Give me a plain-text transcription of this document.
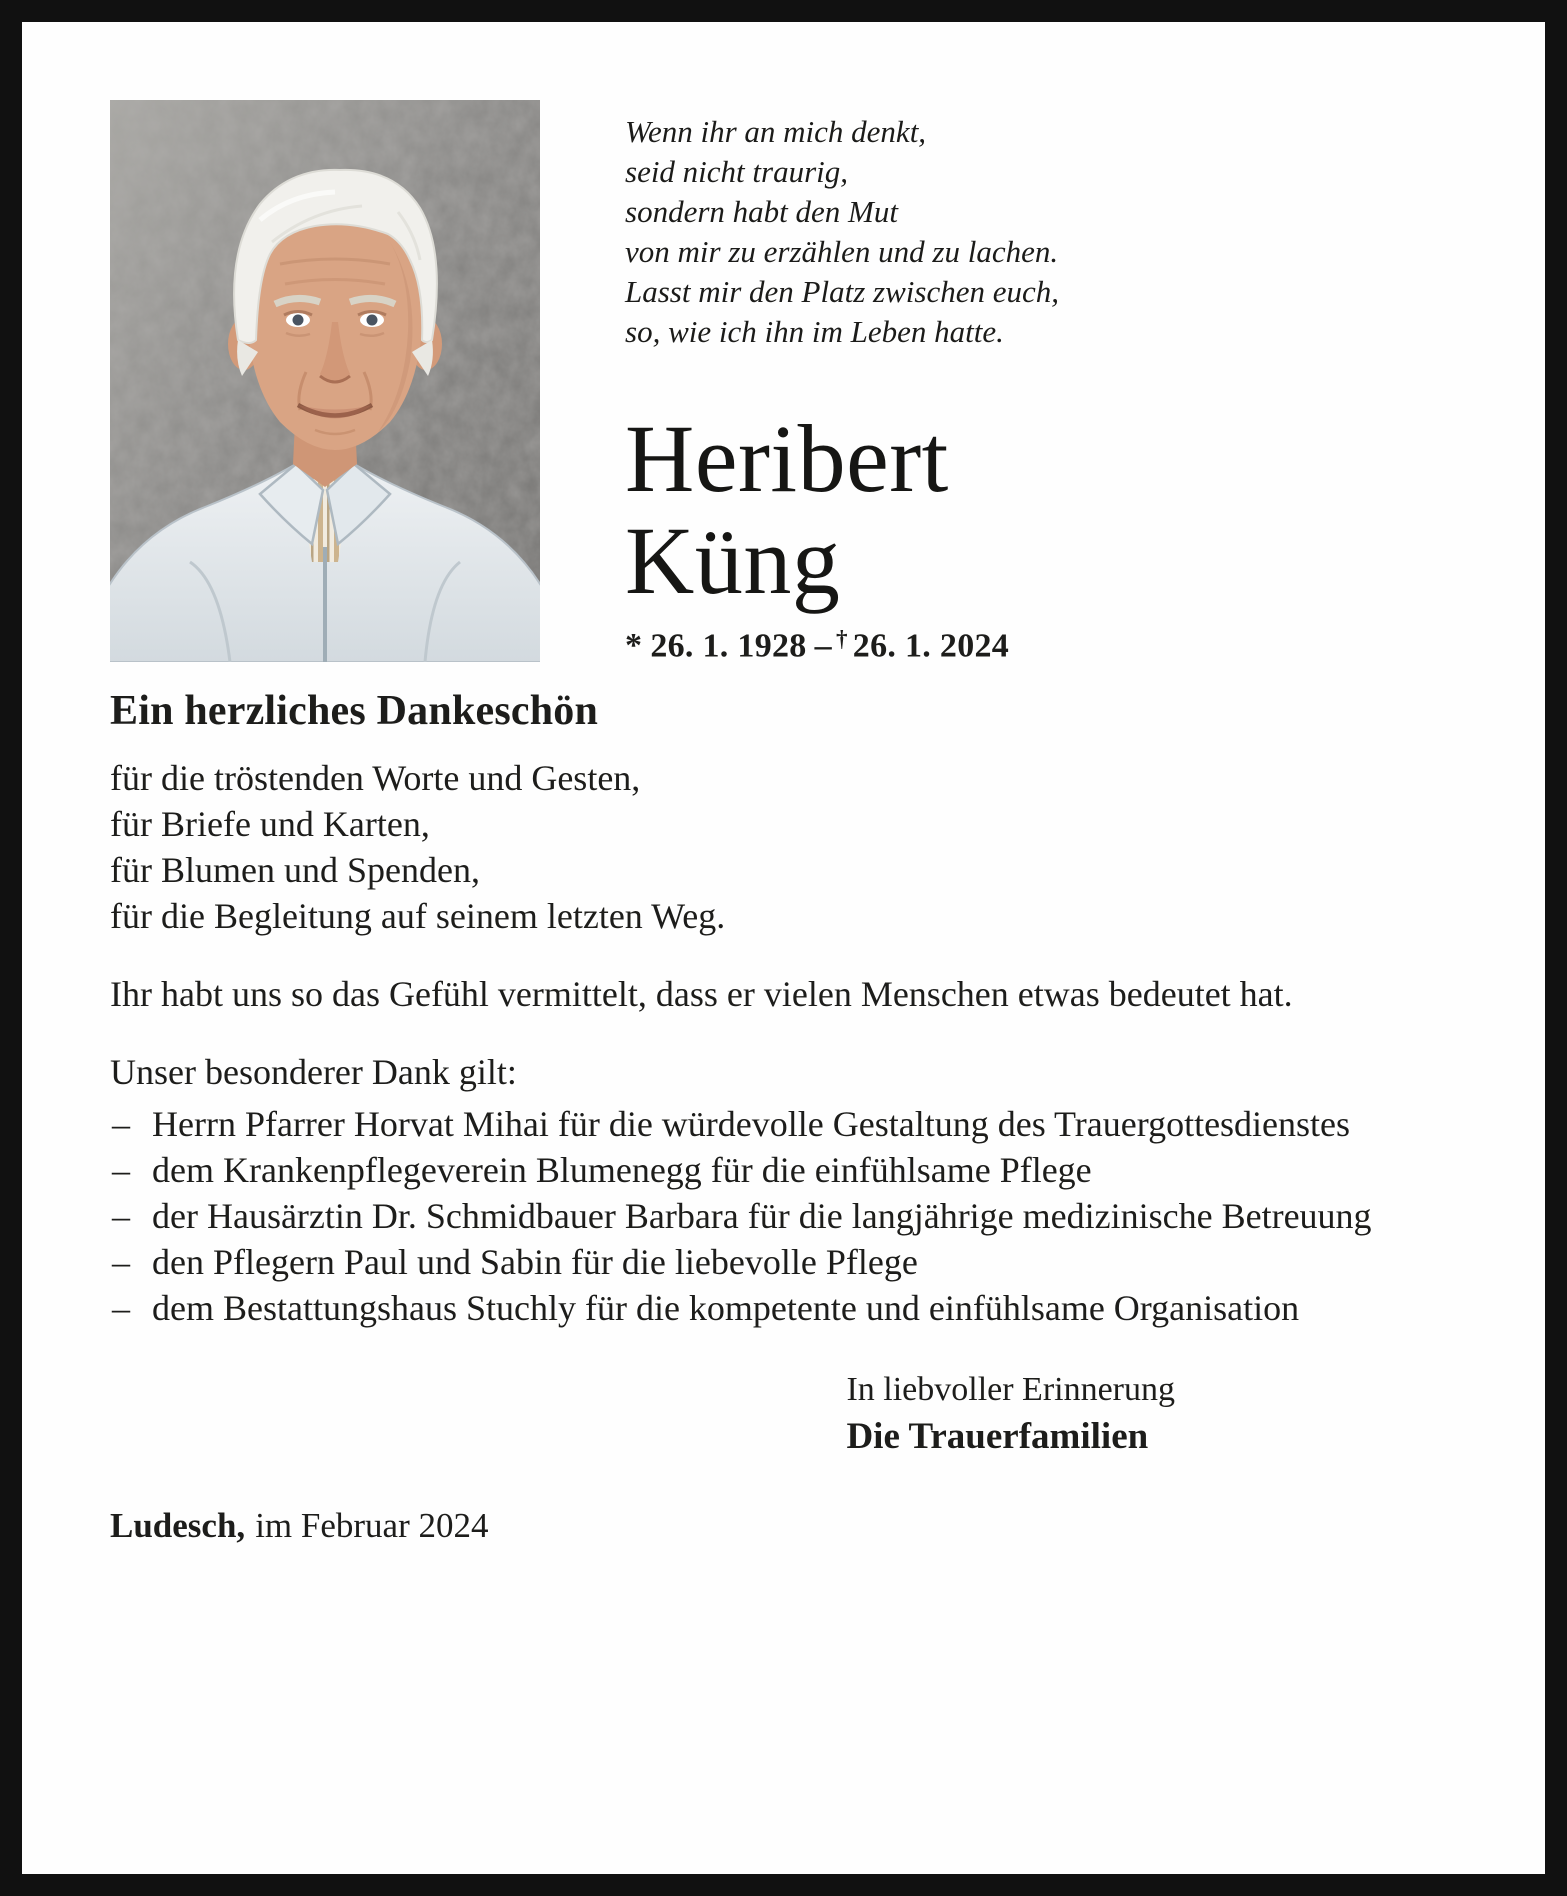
Wenn ihr an mich denkt,
seid nicht traurig,
sondern habt den Mut
von mir zu erzählen und zu lachen.
Lasst mir den Platz zwischen euch,
so, wie ich ihn im Leben hatte.
Heribert
Küng
* 26. 1. 1928 – † 26. 1. 2024
Ein herzliches Dankeschön
für die tröstenden Worte und Gesten,
für Briefe und Karten,
für Blumen und Spenden,
für die Begleitung auf seinem letzten Weg.
Ihr habt uns so das Gefühl vermittelt, dass er vielen Menschen etwas bedeutet hat.
Unser besonderer Dank gilt:
– Herrn Pfarrer Horvat Mihai für die würdevolle Gestaltung des Trauergottesdienstes
– dem Krankenpflegeverein Blumenegg für die einfühlsame Pflege
– der Hausärztin Dr. Schmidbauer Barbara für die langjährige medizinische Betreuung
– den Pflegern Paul und Sabin für die liebevolle Pflege
– dem Bestattungshaus Stuchly für die kompetente und einfühlsame Organisation
In liebvoller Erinnerung
Die Trauerfamilien
Ludesch, im Februar 2024
